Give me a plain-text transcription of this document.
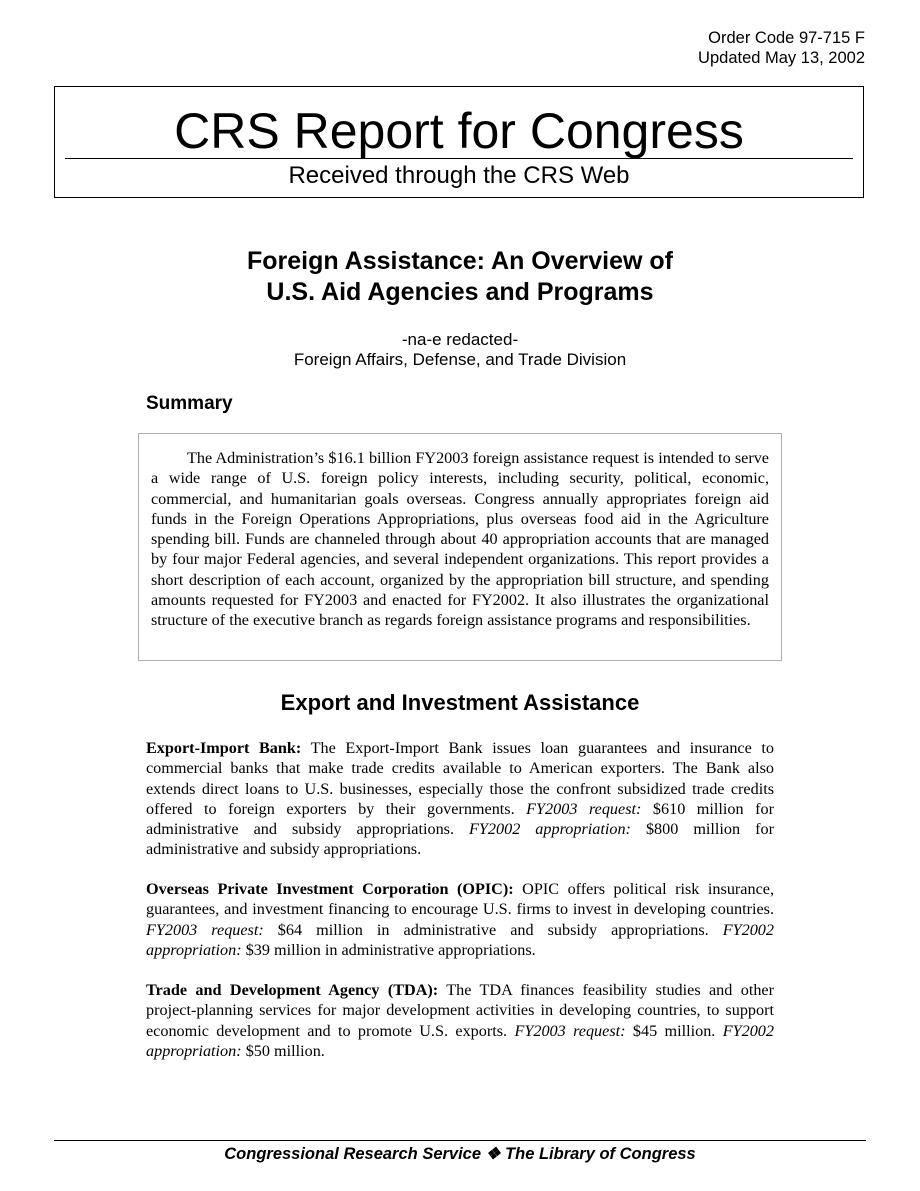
Order Code 97-715 F
Updated May 13, 2002
CRS Report for Congress
Received through the CRS Web
Foreign Assistance: An Overview of
U.S. Aid Agencies and Programs
-na-e redacted-
Foreign Affairs, Defense, and Trade Division
Summary

The Administration’s $16.1 billion FY2003 foreign assistance request is intended to serve a wide range of U.S. foreign policy interests, including security, political, economic, commercial, and humanitarian goals overseas. Congress annually appropriates foreign aid funds in the Foreign Operations Appropriations, plus overseas food aid in the Agriculture spending bill. Funds are channeled through about 40 appropriation accounts that are managed by four major Federal agencies, and several independent organizations. This report provides a short description of each account, organized by the appropriation bill structure, and spending amounts requested for FY2003 and enacted for FY2002. It also illustrates the organizational structure of the executive branch as regards foreign assistance programs and responsibilities.

Export and Investment Assistance

Export-Import Bank: The Export-Import Bank issues loan guarantees and insurance to commercial banks that make trade credits available to American exporters. The Bank also extends direct loans to U.S. businesses, especially those the confront subsidized trade credits offered to foreign exporters by their governments. FY2003 request: $610 million for administrative and subsidy appropriations. FY2002 appropriation: $800 million for administrative and subsidy appropriations.

Overseas Private Investment Corporation (OPIC): OPIC offers political risk insurance, guarantees, and investment financing to encourage U.S. firms to invest in developing countries. FY2003 request: $64 million in administrative and subsidy appropriations. FY2002 appropriation: $39 million in administrative appropriations.

Trade and Development Agency (TDA): The TDA finances feasibility studies and other project-planning services for major development activities in developing countries, to support economic development and to promote U.S. exports. FY2003 request: $45 million. FY2002 appropriation: $50 million.

Congressional Research Service ❖ The Library of Congress
